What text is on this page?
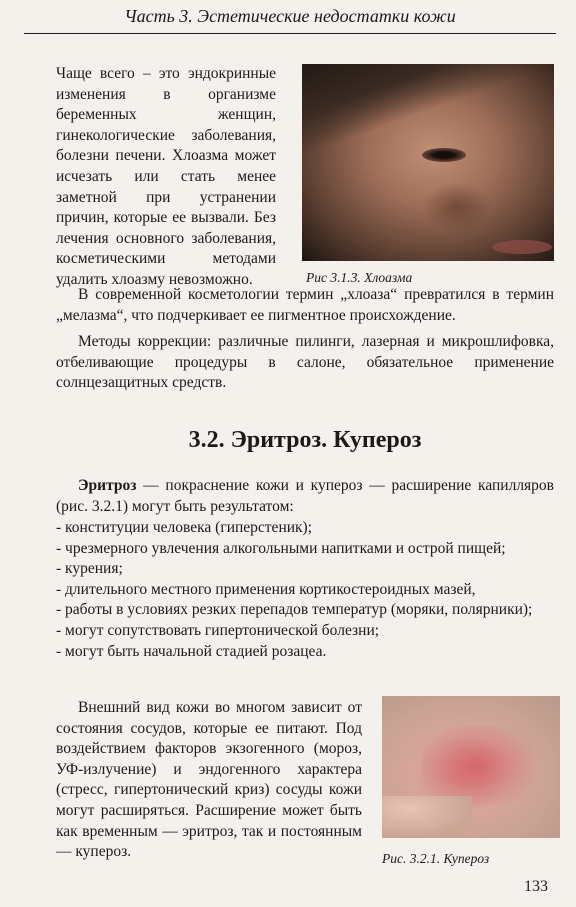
Часть 3. Эстетические недостатки кожи

Чаще всего – это эндокринные изменения в организме беременных женщин, гинекологические заболевания, болезни печени. Хлоазма может исчезать или стать менее заметной при устранении причин, которые ее вызвали. Без лечения основного заболевания, косметическими методами удалить хлоазму невозможно.	Рис 3.1.3. Хлоазма

В современной косметологии термин „хлоаза“ превратился в термин „мелазма“, что подчеркивает ее пигментное происхождение.

Методы коррекции: различные пилинги, лазерная и микрошлифовка, отбеливающие процедуры в салоне, обязательное применение солнцезащитных средств.

3.2. Эритроз. Купероз

Эритроз — покраснение кожи и купероз — расширение капилляров (рис. 3.2.1) могут быть результатом:

- конституции человека (гиперстеник);
- чрезмерного увлечения алкогольными напитками и острой пищей;
- курения;
- длительного местного применения кортикостероидных мазей,
- работы в условиях резких перепадов температур (моряки, полярники);
- могут сопутствовать гипертонической болезни;
- могут быть начальной стадией розацеа.

Внешний вид кожи во многом зависит от состояния сосудов, которые ее питают. Под воздействием факторов экзогенного (мороз, УФ-излучение) и эндогенного характера (стресс, гипертонический криз) сосуды кожи могут расширяться. Расширение может быть как временным — эритроз, так и постоянным — купероз.	Рис. 3.2.1. Купероз
133
